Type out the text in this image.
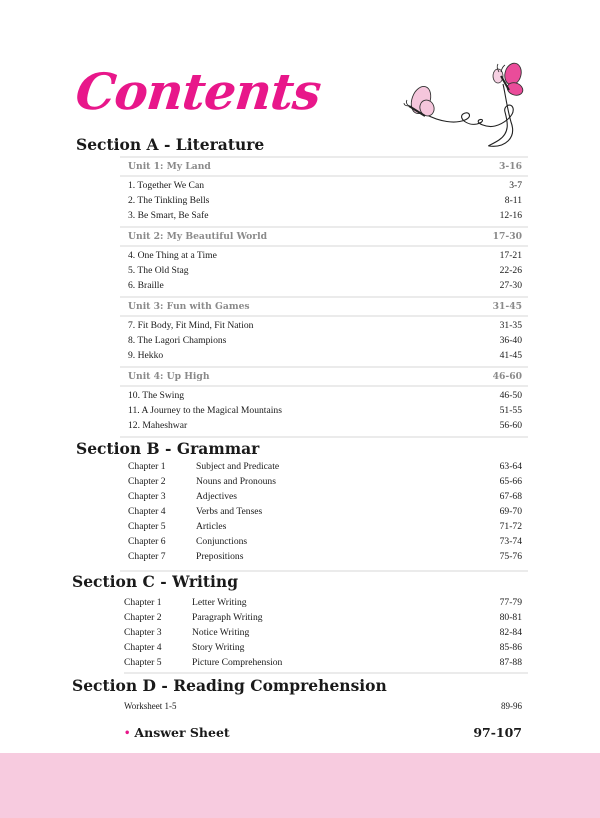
Contents
Section A - Literature
Unit 1: My Land	3-16
1. Together We Can	3-7
2. The Tinkling Bells	8-11
3. Be Smart, Be Safe	12-16
Unit 2: My Beautiful World	17-30
4. One Thing at a Time	17-21
5. The Old Stag	22-26
6. Braille	27-30
Unit 3: Fun with Games	31-45
7. Fit Body, Fit Mind, Fit Nation	31-35
8. The Lagori Champions	36-40
9. Hekko	41-45
Unit 4: Up High	46-60
10. The Swing	46-50
11. A Journey to the Magical Mountains	51-55
12. Maheshwar	56-60
Section B - Grammar
Chapter 1	Subject and Predicate	63-64
Chapter 2	Nouns and Pronouns	65-66
Chapter 3	Adjectives	67-68
Chapter 4	Verbs and Tenses	69-70
Chapter 5	Articles	71-72
Chapter 6	Conjunctions	73-74
Chapter 7	Prepositions	75-76
Section C - Writing
Chapter 1	Letter Writing	77-79
Chapter 2	Paragraph Writing	80-81
Chapter 3	Notice Writing	82-84
Chapter 4	Story Writing	85-86
Chapter 5	Picture Comprehension	87-88
Section D - Reading Comprehension
Worksheet 1-5	89-96
• Answer Sheet	97-107
